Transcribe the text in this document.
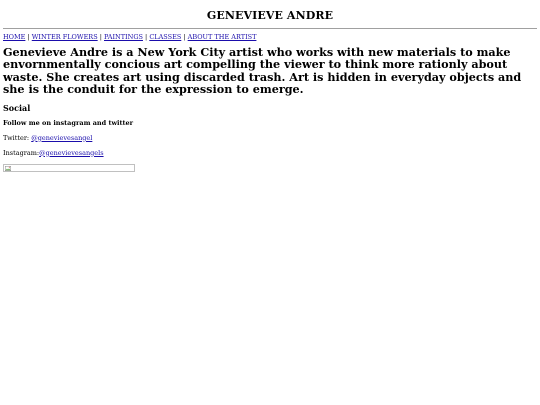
GENEVIEVE ANDRE
HOME | WINTER FLOWERS | PAINTINGS | CLASSES | ABOUT THE ARTIST
Genevieve Andre is a New York City artist who works with new materials to make envornmentally concious art compelling the viewer to think more rationly about waste. She creates art using discarded trash. Art is hidden in everyday objects and she is the conduit for the expression to emerge.
Social

Follow me on instagram and twitter

Twitter: @genevievesangel

Instagram:@genevievesangels
